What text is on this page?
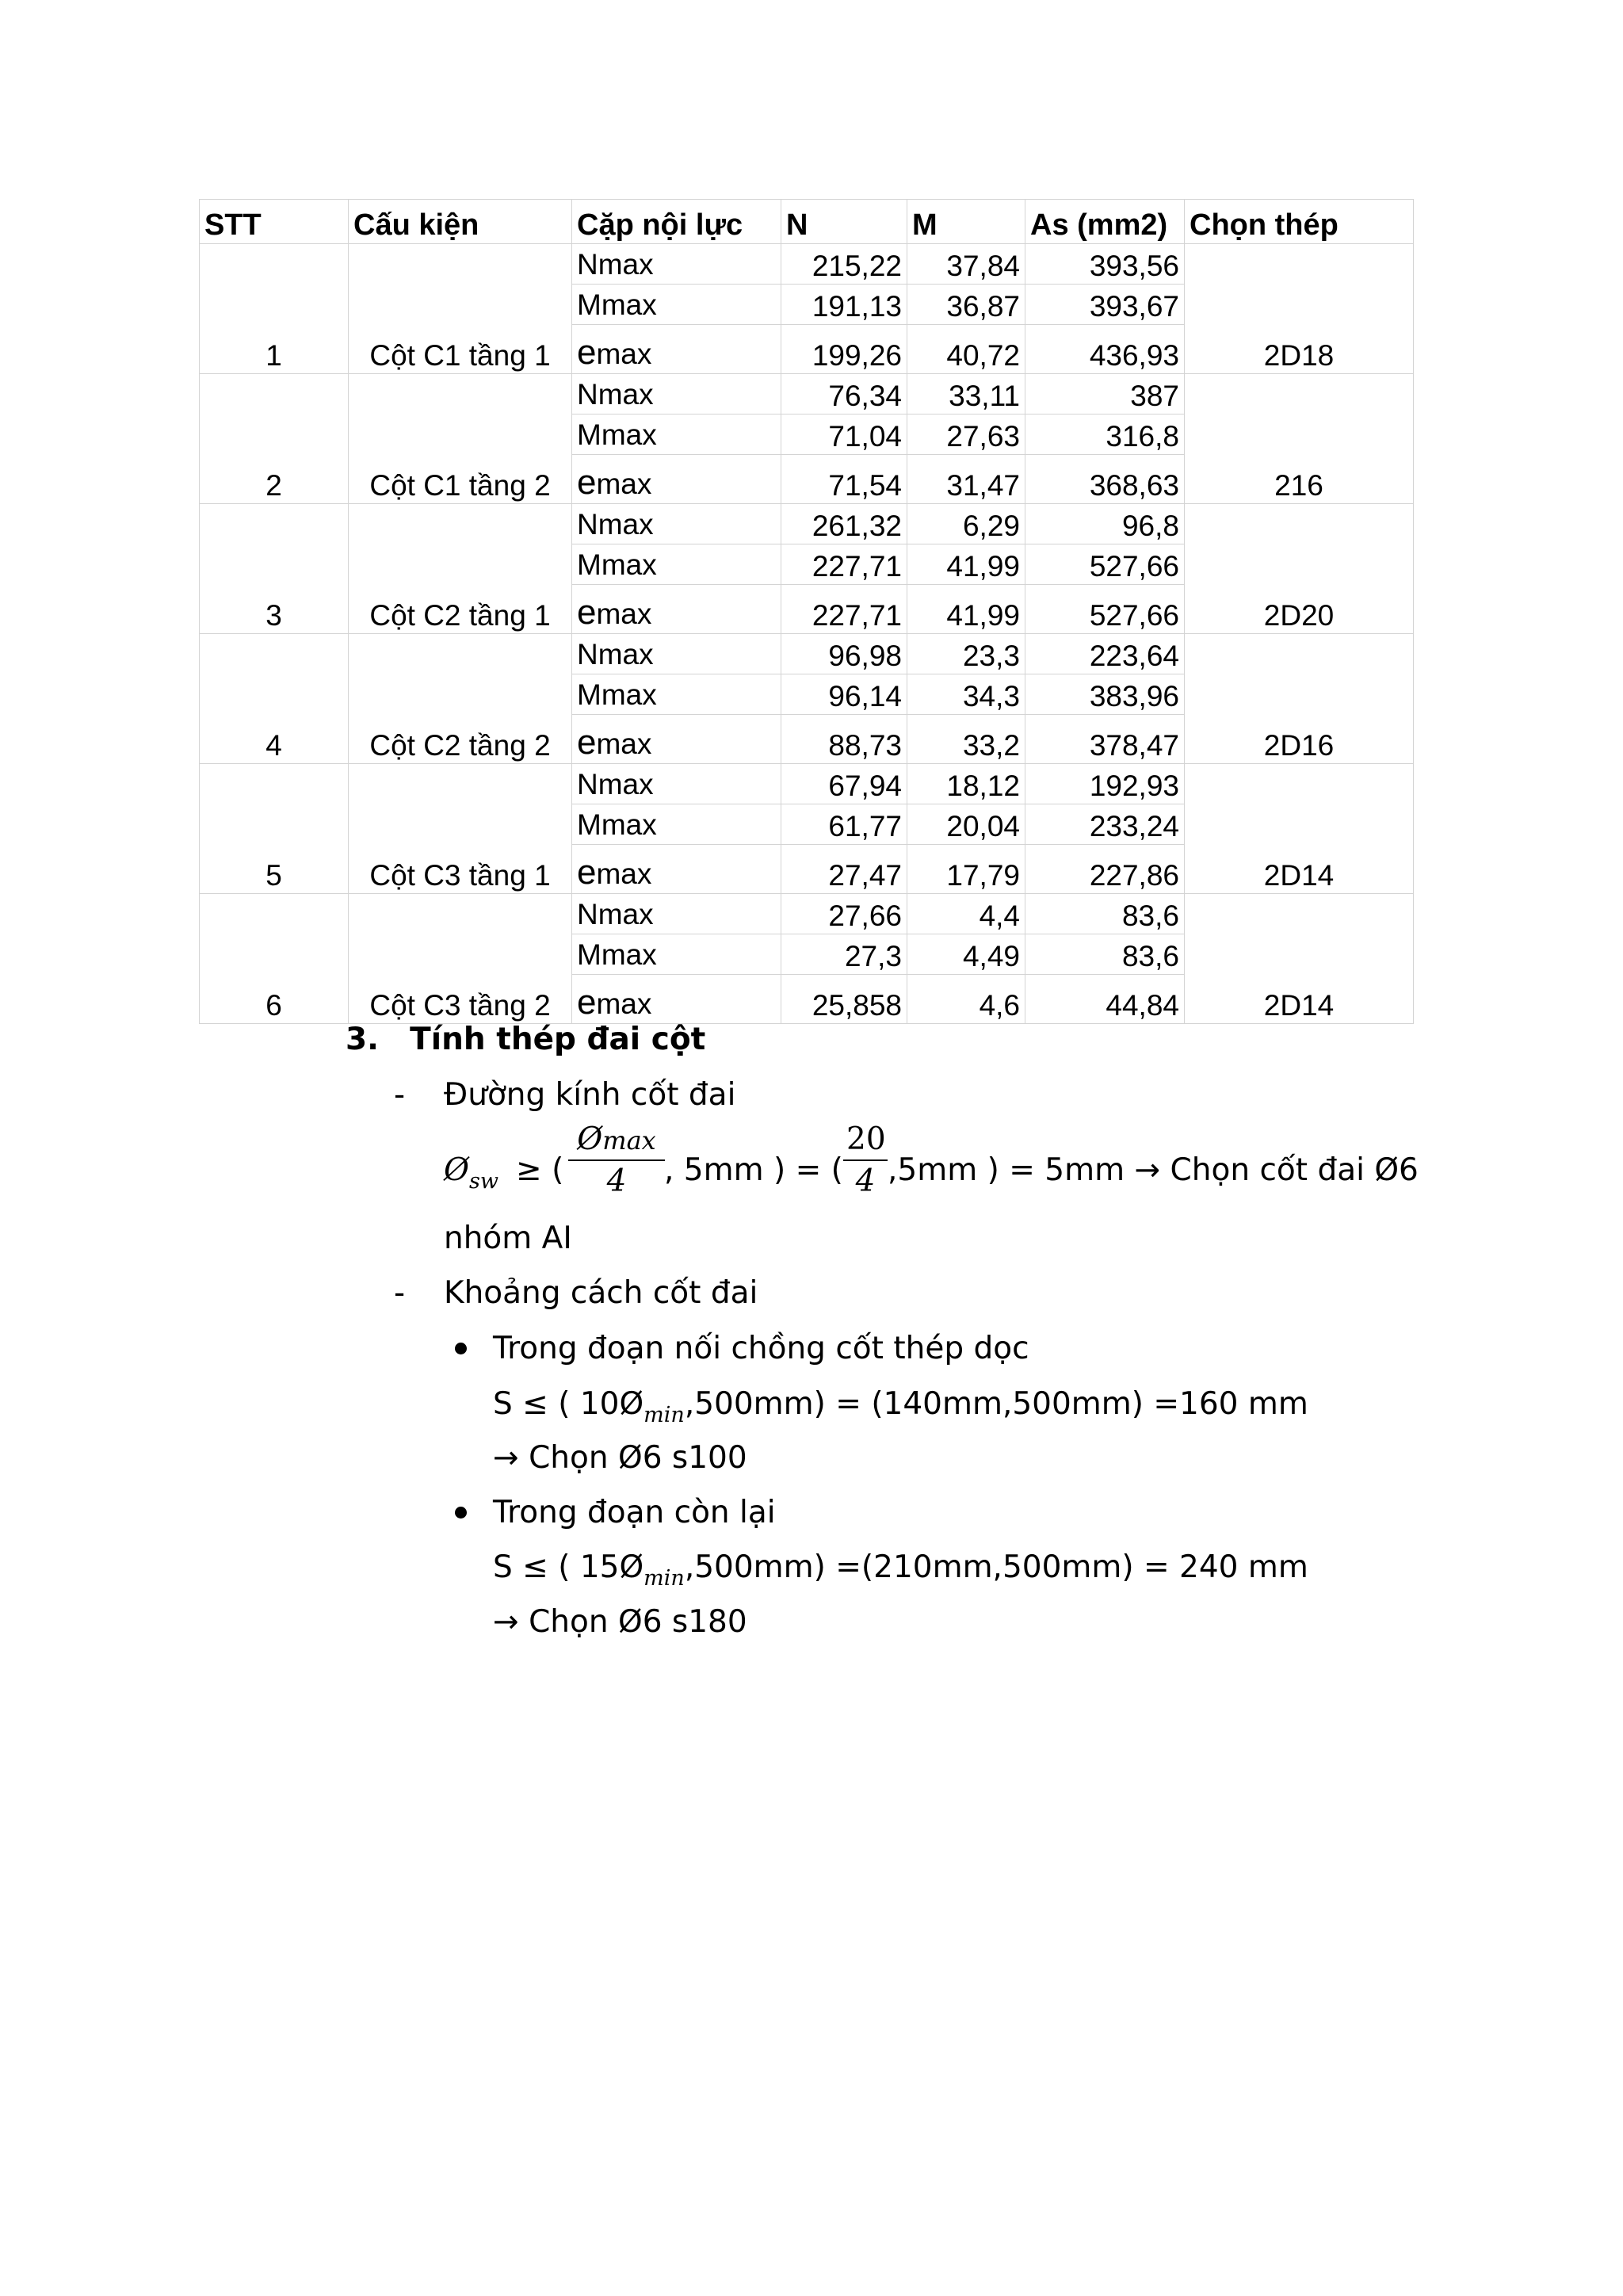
STT	Cấu kiện	Cặp nội lực	N	M	As (mm2)	Chọn thép
1	Cột C1 tầng 1	Nmax	215,22	37,84	393,56	2D18
		Mmax	191,13	36,87	393,67	
		emax	199,26	40,72	436,93	
2	Cột C1 tầng 2	Nmax	76,34	33,11	387	216
		Mmax	71,04	27,63	316,8	
		emax	71,54	31,47	368,63	
3	Cột C2 tầng 1	Nmax	261,32	6,29	96,8	2D20
		Mmax	227,71	41,99	527,66	
		emax	227,71	41,99	527,66	
4	Cột C2 tầng 2	Nmax	96,98	23,3	223,64	2D16
		Mmax	96,14	34,3	383,96	
		emax	88,73	33,2	378,47	
5	Cột C3 tầng 1	Nmax	67,94	18,12	192,93	2D14
		Mmax	61,77	20,04	233,24	
		emax	27,47	17,79	227,86	
6	Cột C3 tầng 2	Nmax	27,66	4,4	83,6	2D14
		Mmax	27,3	4,49	83,6	
		emax	25,858	4,6	44,84	
3. Tính thép đai cột
- Đường kính cốt đai
$Ø_{sw}$ ≥ (
Ømax
4	, 5mm ) = ( $\frac{20}{4} ,5mm$ ) = 5mm → Chọn cốt đai Ø6
nhóm AI
- Khoảng cách cốt đai
Trong đoạn nối chồng cốt thép dọc
S ≤ ( $10Ø_{min},500mm) = (140mm,500mm) =160$ mm
→ Chọn Ø6 s100
Trong đoạn còn lại
S ≤ ( $15Ø_{min},500mm) =(210mm,500mm) = 240$ mm
→ Chọn Ø6 s180
